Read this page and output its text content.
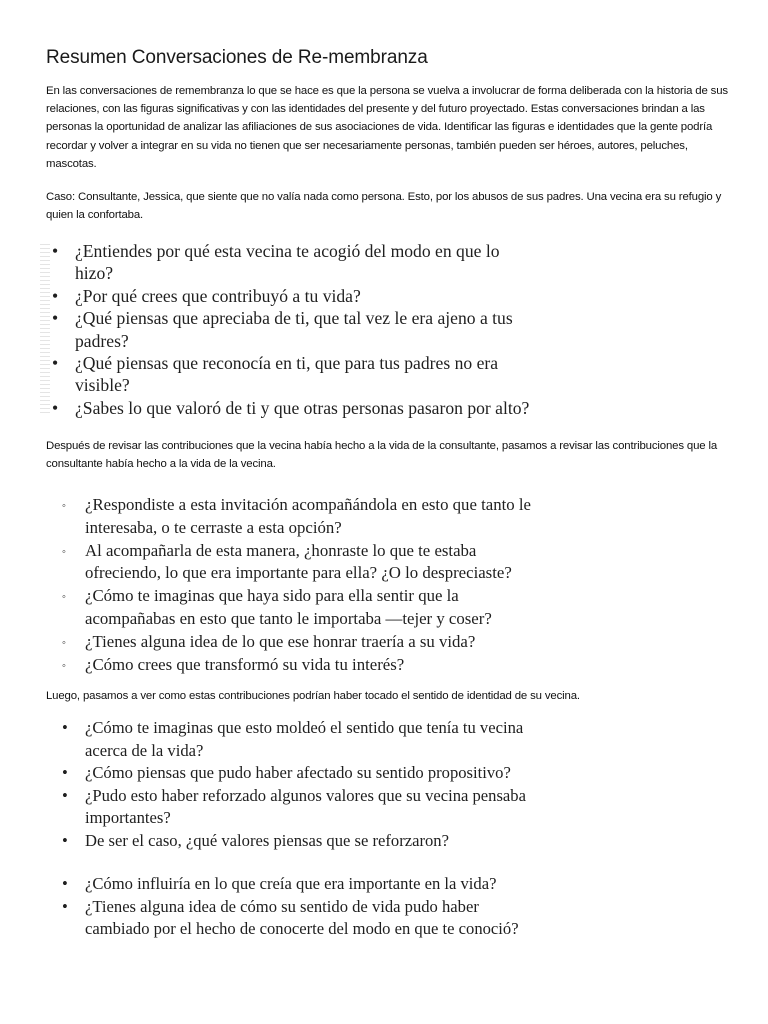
Resumen Conversaciones de Re-membranza
En las conversaciones de remembranza lo que se hace es que la persona se vuelva a involucrar de forma deliberada con la historia de sus relaciones, con las figuras significativas y con las identidades del presente y del futuro proyectado. Estas conversaciones brindan a las personas la oportunidad de analizar las afiliaciones de sus asociaciones de vida. Identificar las figuras e identidades que la gente podría recordar y volver a integrar en su vida no tienen que ser necesariamente personas, también pueden ser héroes, autores, peluches, mascotas.
Caso: Consultante, Jessica, que siente que no valía nada como persona. Esto, por los abusos de sus padres. Una vecina era su refugio y quien la confortaba.
• ¿Entiendes por qué esta vecina te acogió del modo en que lo hizo?
• ¿Por qué crees que contribuyó a tu vida?
• ¿Qué piensas que apreciaba de ti, que tal vez le era ajeno a tus padres?
• ¿Qué piensas que reconocía en ti, que para tus padres no era visible?
• ¿Sabes lo que valoró de ti y que otras personas pasaron por alto?
Después de revisar las contribuciones que la vecina había hecho a la vida de la consultante, pasamos a revisar las contribuciones que la consultante había hecho a la vida de la vecina.
◦ ¿Respondiste a esta invitación acompañándola en esto que tanto le interesaba, o te cerraste a esta opción?
◦ Al acompañarla de esta manera, ¿honraste lo que te estaba ofreciendo, lo que era importante para ella? ¿O lo despreciaste?
◦ ¿Cómo te imaginas que haya sido para ella sentir que la acompañabas en esto que tanto le importaba —tejer y coser?
◦ ¿Tienes alguna idea de lo que ese honrar traería a su vida?
◦ ¿Cómo crees que transformó su vida tu interés?
Luego, pasamos a ver como estas contribuciones podrían haber tocado el sentido de identidad de su vecina.
• ¿Cómo te imaginas que esto moldeó el sentido que tenía tu vecina acerca de la vida?
• ¿Cómo piensas que pudo haber afectado su sentido propositivo?
• ¿Pudo esto haber reforzado algunos valores que su vecina pensaba importantes?
• De ser el caso, ¿qué valores piensas que se reforzaron?
• ¿Cómo influiría en lo que creía que era importante en la vida?
• ¿Tienes alguna idea de cómo su sentido de vida pudo haber cambiado por el hecho de conocerte del modo en que te conoció?
